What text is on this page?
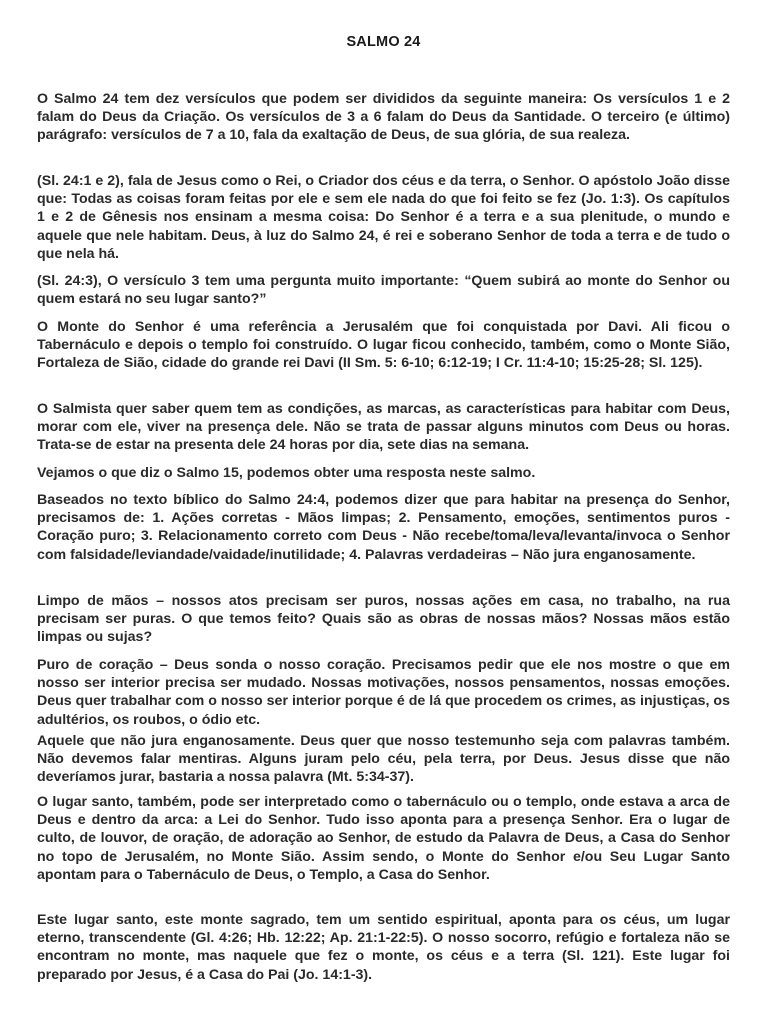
SALMO 24

O Salmo 24 tem dez versículos que podem ser divididos da seguinte maneira: Os versículos 1 e 2 falam do Deus da Criação. Os versículos de 3 a 6 falam do Deus da Santidade. O terceiro (e último) parágrafo: versículos de 7 a 10, fala da exaltação de Deus, de sua glória, de sua realeza.

(Sl. 24:1 e 2), fala de Jesus como o Rei, o Criador dos céus e da terra, o Senhor. O apóstolo João disse que: Todas as coisas foram feitas por ele e sem ele nada do que foi feito se fez (Jo. 1:3). Os capítulos 1 e 2 de Gênesis nos ensinam a mesma coisa: Do Senhor é a terra e a sua plenitude, o mundo e aquele que nele habitam. Deus, à luz do Salmo 24, é rei e soberano Senhor de toda a terra e de tudo o que nela há.

(Sl. 24:3), O versículo 3 tem uma pergunta muito importante: “Quem subirá ao monte do Senhor ou quem estará no seu lugar santo?”

O Monte do Senhor é uma referência a Jerusalém que foi conquistada por Davi. Ali ficou o Tabernáculo e depois o templo foi construído. O lugar ficou conhecido, também, como o Monte Sião, Fortaleza de Sião, cidade do grande rei Davi (II Sm. 5: 6-10; 6:12-19; I Cr. 11:4-10; 15:25-28; Sl. 125).

O Salmista quer saber quem tem as condições, as marcas, as características para habitar com Deus, morar com ele, viver na presença dele. Não se trata de passar alguns minutos com Deus ou horas. Trata-se de estar na presenta dele 24 horas por dia, sete dias na semana.

Vejamos o que diz o Salmo 15, podemos obter uma resposta neste salmo.

Baseados no texto bíblico do Salmo 24:4, podemos dizer que para habitar na presença do Senhor, precisamos de: 1. Ações corretas - Mãos limpas; 2. Pensamento, emoções, sentimentos puros - Coração puro; 3. Relacionamento correto com Deus - Não recebe/toma/leva/levanta/invoca o Senhor com falsidade/leviandade/vaidade/inutilidade; 4. Palavras verdadeiras – Não jura enganosamente.

Limpo de mãos – nossos atos precisam ser puros, nossas ações em casa, no trabalho, na rua precisam ser puras. O que temos feito? Quais são as obras de nossas mãos? Nossas mãos estão limpas ou sujas?

Puro de coração – Deus sonda o nosso coração. Precisamos pedir que ele nos mostre o que em nosso ser interior precisa ser mudado. Nossas motivações, nossos pensamentos, nossas emoções. Deus quer trabalhar com o nosso ser interior porque é de lá que procedem os crimes, as injustiças, os adultérios, os roubos, o ódio etc.

Aquele que não jura enganosamente. Deus quer que nosso testemunho seja com palavras também. Não devemos falar mentiras. Alguns juram pelo céu, pela terra, por Deus. Jesus disse que não deveríamos jurar, bastaria a nossa palavra (Mt. 5:34-37).

O lugar santo, também, pode ser interpretado como o tabernáculo ou o templo, onde estava a arca de Deus e dentro da arca: a Lei do Senhor. Tudo isso aponta para a presença Senhor. Era o lugar de culto, de louvor, de oração, de adoração ao Senhor, de estudo da Palavra de Deus, a Casa do Senhor no topo de Jerusalém, no Monte Sião. Assim sendo, o Monte do Senhor e/ou Seu Lugar Santo apontam para o Tabernáculo de Deus, o Templo, a Casa do Senhor.

Este lugar santo, este monte sagrado, tem um sentido espiritual, aponta para os céus, um lugar eterno, transcendente (Gl. 4:26; Hb. 12:22; Ap. 21:1-22:5). O nosso socorro, refúgio e fortaleza não se encontram no monte, mas naquele que fez o monte, os céus e a terra (Sl. 121). Este lugar foi preparado por Jesus, é a Casa do Pai (Jo. 14:1-3).
